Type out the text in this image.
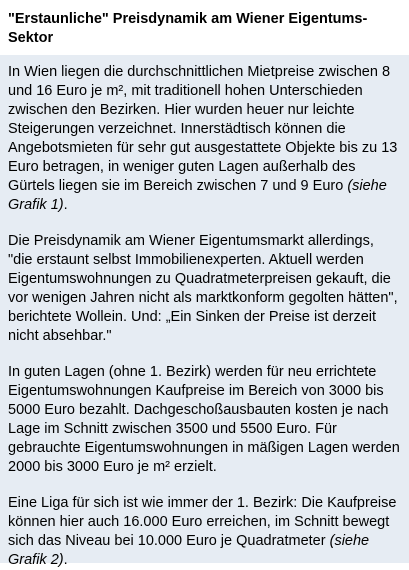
"Erstaunliche" Preisdynamik am Wiener Eigentums-Sektor

In Wien liegen die durchschnittlichen Mietpreise zwischen 8 und 16 Euro je m², mit traditionell hohen Unterschieden zwischen den Bezirken. Hier wurden heuer nur leichte Steigerungen verzeichnet. Innerstädtisch können die Angebotsmieten für sehr gut ausgestattete Objekte bis zu 13 Euro betragen, in weniger guten Lagen außerhalb des Gürtels liegen sie im Bereich zwischen 7 und 9 Euro (siehe Grafik 1).

Die Preisdynamik am Wiener Eigentumsmarkt allerdings, "die erstaunt selbst Immobilienexperten. Aktuell werden Eigentumswohnungen zu Quadratmeterpreisen gekauft, die vor wenigen Jahren nicht als marktkonform gegolten hätten", berichtete Wollein. Und: „Ein Sinken der Preise ist derzeit nicht absehbar."

In guten Lagen (ohne 1. Bezirk) werden für neu errichtete Eigentumswohnungen Kaufpreise im Bereich von 3000 bis 5000 Euro bezahlt. Dachgeschoßausbauten kosten je nach Lage im Schnitt zwischen 3500 und 5500 Euro. Für gebrauchte Eigentumswohnungen in mäßigen Lagen werden 2000 bis 3000 Euro je m² erzielt.

Eine Liga für sich ist wie immer der 1. Bezirk: Die Kaufpreise können hier auch 16.000 Euro erreichen, im Schnitt bewegt sich das Niveau bei 10.000 Euro je Quadratmeter (siehe Grafik 2).
